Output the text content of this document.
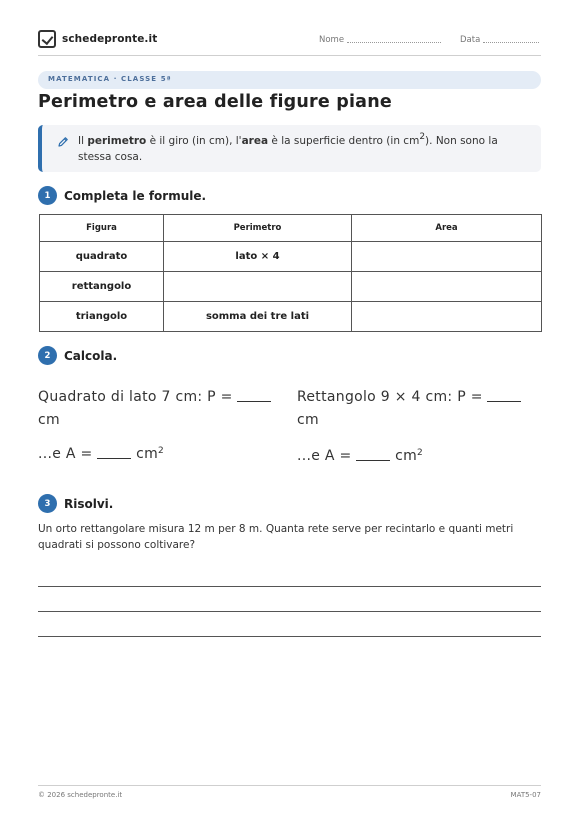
schedepronte.it	Nome	Data
MATEMATICA · CLASSE 5ª
Perimetro e area delle figure piane
Il perimetro è il giro (in cm), l'area è la superficie dentro (in $cm^2$). Non sono la stessa cosa.
1	Completa le formule.
Figura	Perimetro	Area
quadrato	lato × 4	
rettangolo		
triangolo	somma dei tre lati	
2	Calcola.
Quadrato di lato 7 cm: P =  cm
...e A =	$cm^2$
Rettangolo 9 × 4 cm: P =  cm
...e A =	$cm^2$
3	Risolvi.
Un orto rettangolare misura 12 m per 8 m. Quanta rete serve per recintarlo e quanti metri quadrati si possono coltivare?
© 2026 schedepronte.it	MAT5-07
